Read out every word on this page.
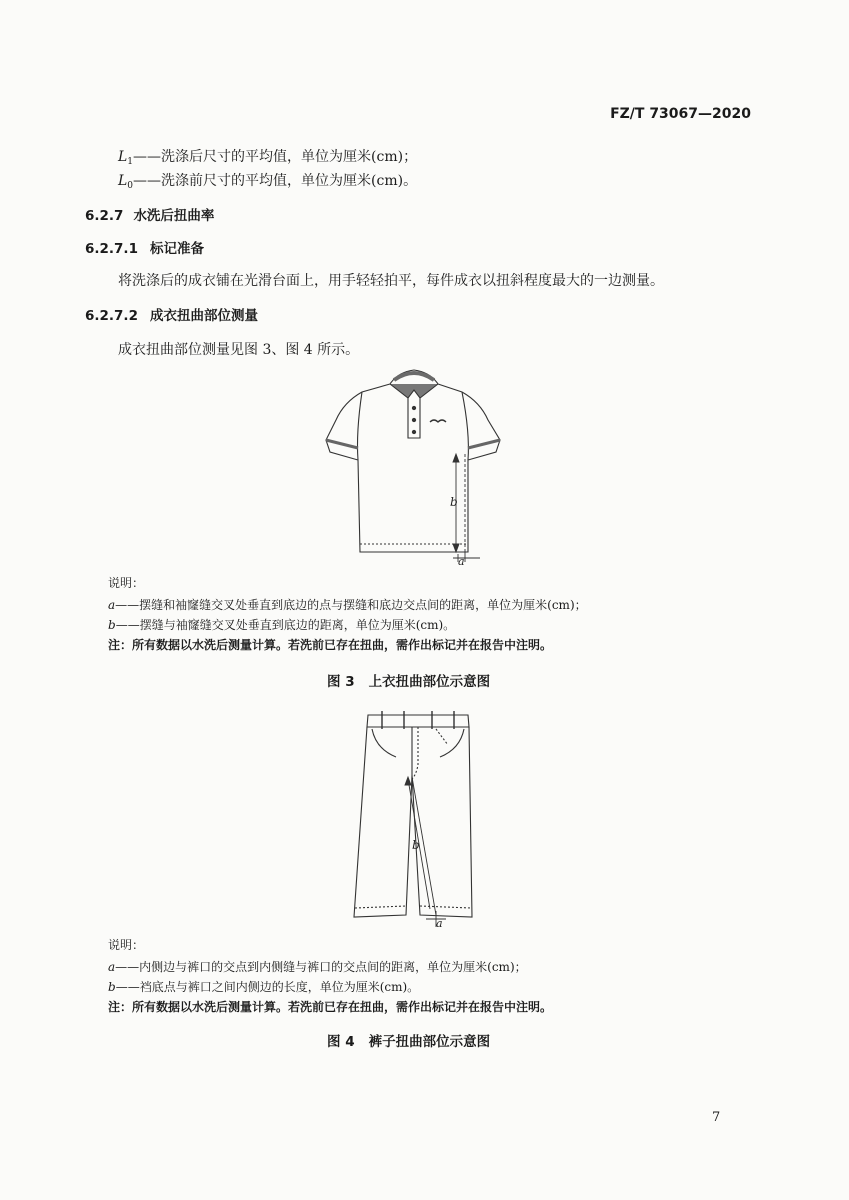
FZ/T 73067—2020
$L_1——$洗涤后尺寸的平均值，单位为厘米(cm)；
$L_0——$洗涤前尺寸的平均值，单位为厘米(cm)。
6.2.7 水洗后扭曲率
6.2.7.1 标记准备
将洗涤后的成衣铺在光滑台面上，用手轻轻拍平，每件成衣以扭斜程度最大的一边测量。
6.2.7.2 成衣扭曲部位测量
成衣扭曲部位测量见图 3、图 4 所示。
b
a
说明：
a——摆缝和袖窿缝交叉处垂直到底边的点与摆缝和底边交点间的距离，单位为厘米(cm)；
b——摆缝与袖窿缝交叉处垂直到底边的距离，单位为厘米(cm)。
注：所有数据以水洗后测量计算。若洗前已存在扭曲，需作出标记并在报告中注明。
图 3 上衣扭曲部位示意图
b
a
说明：
a——内侧边与裤口的交点到内侧缝与裤口的交点间的距离，单位为厘米(cm)；
b——裆底点与裤口之间内侧边的长度，单位为厘米(cm)。
注：所有数据以水洗后测量计算。若洗前已存在扭曲，需作出标记并在报告中注明。
图 4 裤子扭曲部位示意图
7
